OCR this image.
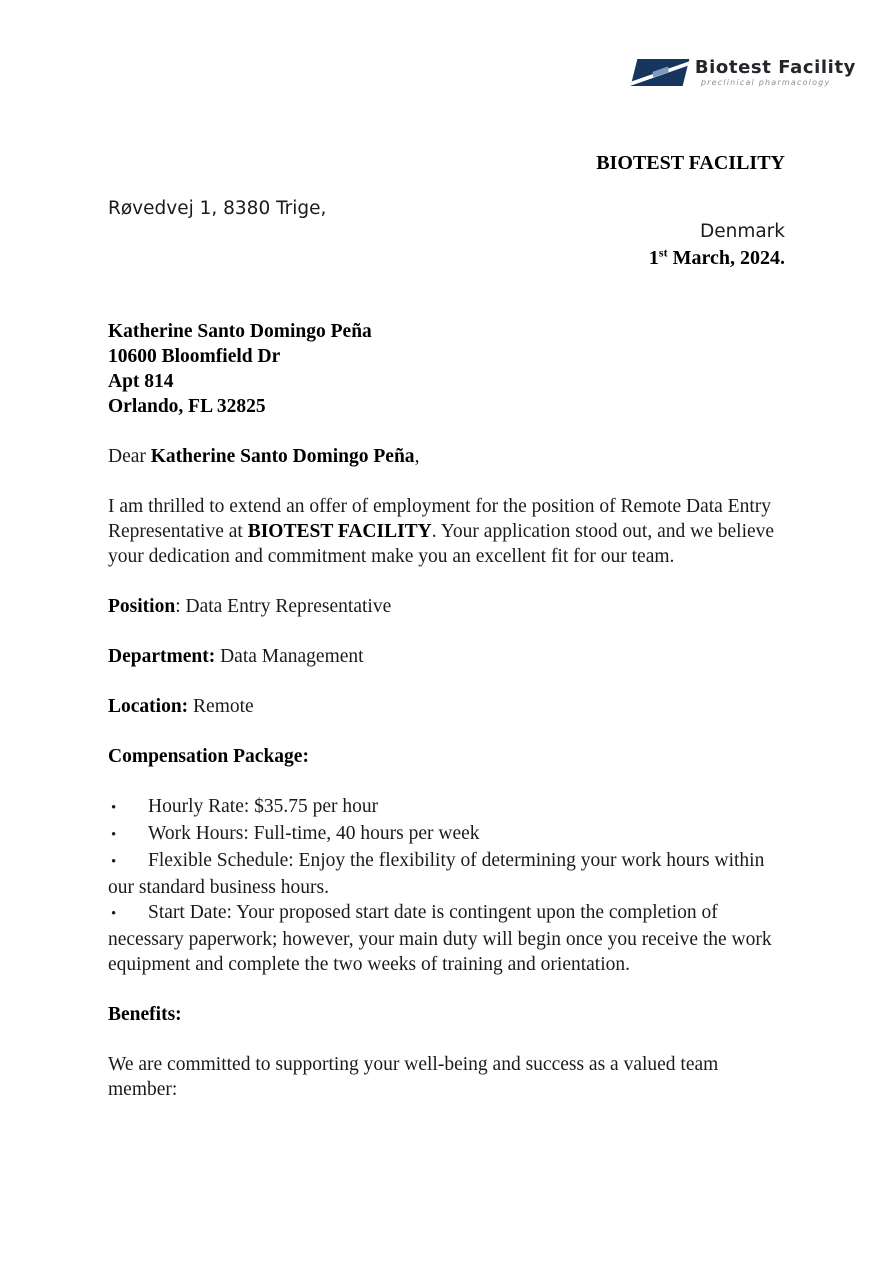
Biotest Facility
preclinical pharmacology
BIOTEST FACILITY
Røvedvej 1, 8380 Trige,
Denmark
1st March, 2024.
Katherine Santo Domingo Peña
10600 Bloomfield Dr
Apt 814
Orlando, FL 32825

Dear Katherine Santo Domingo Peña,

I am thrilled to extend an offer of employment for the position of Remote Data Entry Representative at BIOTEST FACILITY. Your application stood out, and we believe your dedication and commitment make you an excellent fit for our team.

Position: Data Entry Representative

Department: Data Management

Location: Remote

Compensation Package:

• Hourly Rate: $35.75 per hour

• Work Hours: Full-time, 40 hours per week

• Flexible Schedule: Enjoy the flexibility of determining your work hours within our standard business hours.

• Start Date: Your proposed start date is contingent upon the completion of necessary paperwork; however, your main duty will begin once you receive the work equipment and complete the two weeks of training and orientation.

Benefits:

We are committed to supporting your well-being and success as a valued team member:
